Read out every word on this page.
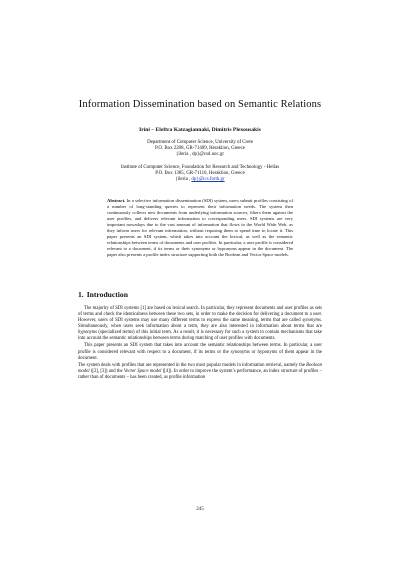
Information Dissemination based on Semantic Relations
Irini – Eleftra Katzagiannaki, Dimitris Plexousakis
Department of Computer Science, University of Crete
P.O. Box 2208, GR-71409, Heraklion, Greece
{ileria , dp}@csd.uoc.gr
Institute of Computer Science, Foundation for Research and Technology - Hellas
P.O. Box 1385, GR-71110, Heraklion, Greece
{ileria , dp}@ics.forth.gr
Abstract. In a selective information dissemination (SDI) system, users submit profiles consisting of a number of long-standing queries to represent their information needs. The system then continuously collects new documents from underlying information sources, filters them against the user profiles, and delivers relevant information to corresponding users. SDI systems are very important nowadays due to the vast amount of information that flows in the World Wide Web, as they inform users for relevant information, without requiring them to spend time to locate it. This paper presents an SDI system, which takes into account the lexical, as well as the semantic relationships between terms of documents and user profiles. In particular, a user profile is considered relevant to a document, if its terms or their synonyms or hyponyms appear in the document. The paper also presents a profile index structure supporting both the Boolean and Vector Space models.
1. Introduction

The majority of SDI systems [1] are based on lexical search. In particular, they represent documents and user profiles as sets of terms and check the identicalness between these two sets, in order to make the decision for delivering a document to a user. However, users of SDI systems may use many different terms to express the same meaning, terms that are called synonyms. Simultaneously, when users seek information about a term, they are also interested in information about terms that are hyponyms (specialized terms) of this initial term. As a result, it is necessary for such a system to contain mechanisms that take into account the semantic relationships between terms during matching of user profiles with documents.

This paper presents an SDI system that takes into account the semantic relationships between terms. In particular, a user profile is considered relevant with respect to a document, if its terms or the synonyms or hyponyms of them appear in the document.

The system deals with profiles that are represented in the two most popular models in information retrieval, namely the Boolean model ([2], [3]) and the Vector Space model ([4]). In order to improve the system’s performance, an index structure of profiles – rather than of documents – has been created, as profile information

245
